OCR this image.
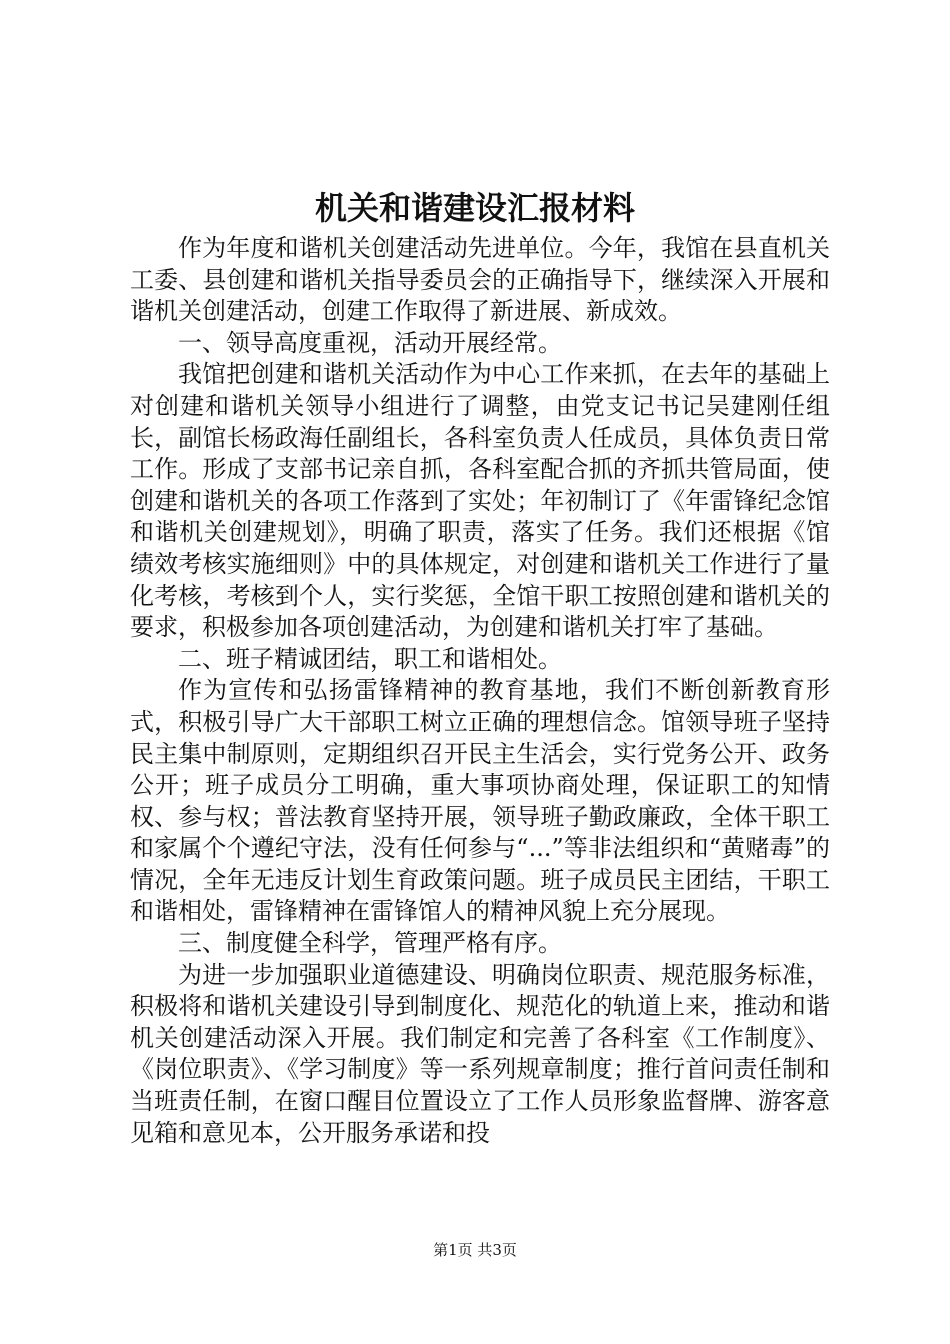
机关和谐建设汇报材料

作为年度和谐机关创建活动先进单位。今年，我馆在县直机关工委、县创建和谐机关指导委员会的正确指导下，继续深入开展和谐机关创建活动，创建工作取得了新进展、新成效。

一、领导高度重视，活动开展经常。

我馆把创建和谐机关活动作为中心工作来抓，在去年的基础上对创建和谐机关领导小组进行了调整，由党支记书记吴建刚任组长，副馆长杨政海任副组长，各科室负责人任成员，具体负责日常工作。形成了支部书记亲自抓，各科室配合抓的齐抓共管局面，使创建和谐机关的各项工作落到了实处；年初制订了《年雷锋纪念馆和谐机关创建规划》，明确了职责，落实了任务。我们还根据《馆绩效考核实施细则》中的具体规定，对创建和谐机关工作进行了量化考核，考核到个人，实行奖惩，全馆干职工按照创建和谐机关的要求，积极参加各项创建活动，为创建和谐机关打牢了基础。

二、班子精诚团结，职工和谐相处。

作为宣传和弘扬雷锋精神的教育基地，我们不断创新教育形式，积极引导广大干部职工树立正确的理想信念。馆领导班子坚持民主集中制原则，定期组织召开民主生活会，实行党务公开、政务公开；班子成员分工明确，重大事项协商处理，保证职工的知情权、参与权；普法教育坚持开展，领导班子勤政廉政，全体干职工和家属个个遵纪守法，没有任何参与“...”等非法组织和“黄赌毒”的情况，全年无违反计划生育政策问题。班子成员民主团结，干职工和谐相处，雷锋精神在雷锋馆人的精神风貌上充分展现。

三、制度健全科学，管理严格有序。

为进一步加强职业道德建设、明确岗位职责、规范服务标准，积极将和谐机关建设引导到制度化、规范化的轨道上来，推动和谐机关创建活动深入开展。我们制定和完善了各科室《工作制度》、《岗位职责》、《学习制度》等一系列规章制度；推行首问责任制和当班责任制，在窗口醒目位置设立了工作人员形象监督牌、游客意见箱和意见本，公开服务承诺和投

第1页 共3页
